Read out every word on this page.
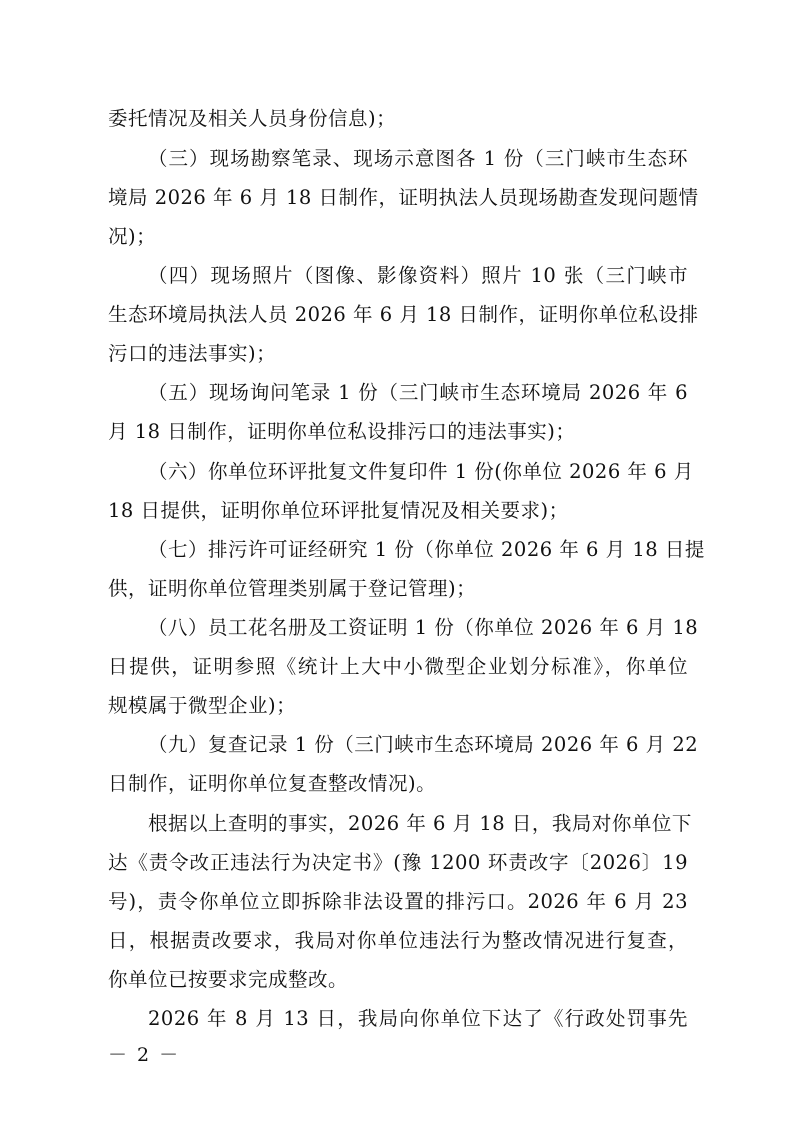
委托情况及相关人员身份信息)；
（三）现场勘察笔录、现场示意图各 1 份（三门峡市生态环
境局 2026 年 6 月 18 日制作，证明执法人员现场勘查发现问题情
况)；
（四）现场照片（图像、影像资料）照片 10 张（三门峡市
生态环境局执法人员 2026 年 6 月 18 日制作，证明你单位私设排
污口的违法事实)；
（五）现场询问笔录 1 份（三门峡市生态环境局 2026 年 6
月 18 日制作，证明你单位私设排污口的违法事实)；
（六）你单位环评批复文件复印件 1 份(你单位 2026 年 6 月
18 日提供，证明你单位环评批复情况及相关要求)；
（七）排污许可证经研究 1 份（你单位 2026 年 6 月 18 日提
供，证明你单位管理类别属于登记管理)；
（八）员工花名册及工资证明 1 份（你单位 2026 年 6 月 18
日提供，证明参照《统计上大中小微型企业划分标准》，你单位
规模属于微型企业)；
（九）复查记录 1 份（三门峡市生态环境局 2026 年 6 月 22
日制作，证明你单位复查整改情况)。
根据以上查明的事实，2026 年 6 月 18 日，我局对你单位下
达《责令改正违法行为决定书》(豫 1200 环责改字〔2026〕19
号)，责令你单位立即拆除非法设置的排污口。2026 年 6 月 23
日，根据责改要求，我局对你单位违法行为整改情况进行复查，
你单位已按要求完成整改。
2026 年 8 月 13 日，我局向你单位下达了《行政处罚事先
－ 2 －
